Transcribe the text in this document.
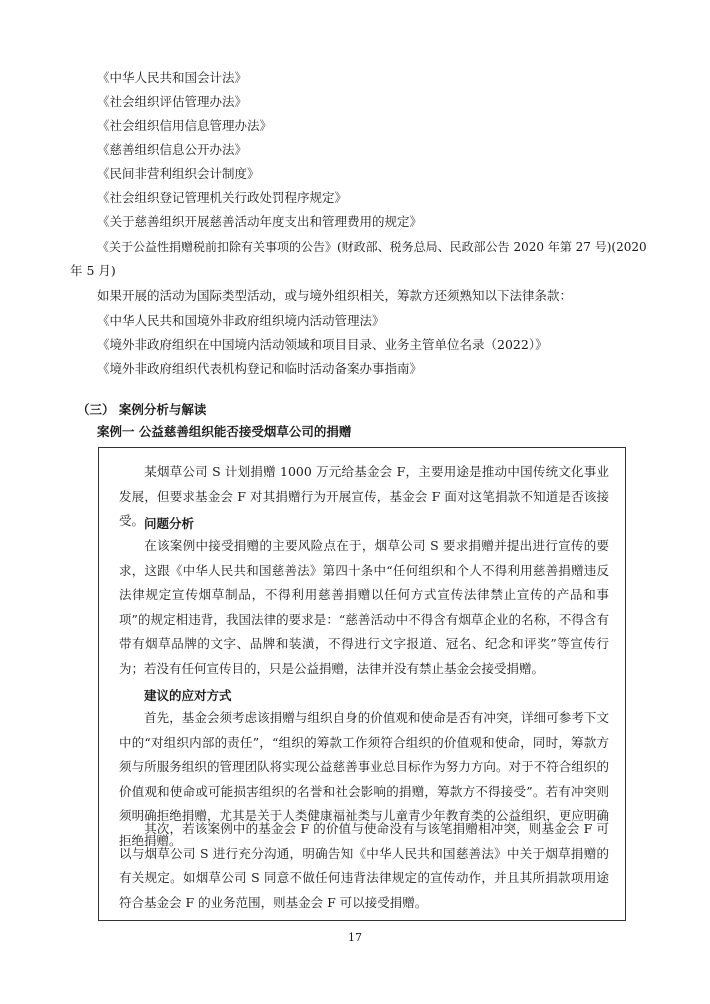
《中华人民共和国会计法》
《社会组织评估管理办法》
《社会组织信用信息管理办法》
《慈善组织信息公开办法》
《民间非营利组织会计制度》
《社会组织登记管理机关行政处罚程序规定》
《关于慈善组织开展慈善活动年度支出和管理费用的规定》
《关于公益性捐赠税前扣除有关事项的公告》(财政部、税务总局、民政部公告 2020 年第 27 号)(2020
年 5 月)
如果开展的活动为国际类型活动，或与境外组织相关，筹款方还须熟知以下法律条款：
《中华人民共和国境外非政府组织境内活动管理法》
《境外非政府组织在中国境内活动领域和项目目录、业务主管单位名录（2022）》
《境外非政府组织代表机构登记和临时活动备案办事指南》
（三） 案例分析与解读
案例一 公益慈善组织能否接受烟草公司的捐赠
某烟草公司 S 计划捐赠 1000 万元给基金会 F，主要用途是推动中国传统文化事业发展，但要求基金会 F 对其捐赠行为开展宣传，基金会 F 面对这笔捐款不知道是否该接受。 问题分析
在该案例中接受捐赠的主要风险点在于，烟草公司 S 要求捐赠并提出进行宣传的要求，这跟《中华人民共和国慈善法》第四十条中“任何组织和个人不得利用慈善捐赠违反法律规定宣传烟草制品，不得利用慈善捐赠以任何方式宣传法律禁止宣传的产品和事项”的规定相违背，我国法律的要求是：“慈善活动中不得含有烟草企业的名称，不得含有带有烟草品牌的文字、品牌和装潢，不得进行文字报道、冠名、纪念和评奖”等宣传行为；若没有任何宣传目的，只是公益捐赠，法律并没有禁止基金会接受捐赠。
建议的应对方式
首先，基金会须考虑该捐赠与组织自身的价值观和使命是否有冲突，详细可参考下文中的“对组织内部的责任”，“组织的筹款工作须符合组织的价值观和使命，同时，筹款方须与所服务组织的管理团队将实现公益慈善事业总目标作为努力方向。对于不符合组织的价值观和使命或可能损害组织的名誉和社会影响的捐赠，筹款方不得接受”。若有冲突则须明确拒绝捐赠，尤其是关于人类健康福祉类与儿童青少年教育类的公益组织，更应明确拒绝捐赠。
其次，若该案例中的基金会 F 的价值与使命没有与该笔捐赠相冲突，则基金会 F 可以与烟草公司 S 进行充分沟通，明确告知《中华人民共和国慈善法》中关于烟草捐赠的有关规定。如烟草公司 S 同意不做任何违背法律规定的宣传动作，并且其所捐款项用途符合基金会 F 的业务范围，则基金会 F 可以接受捐赠。
17
